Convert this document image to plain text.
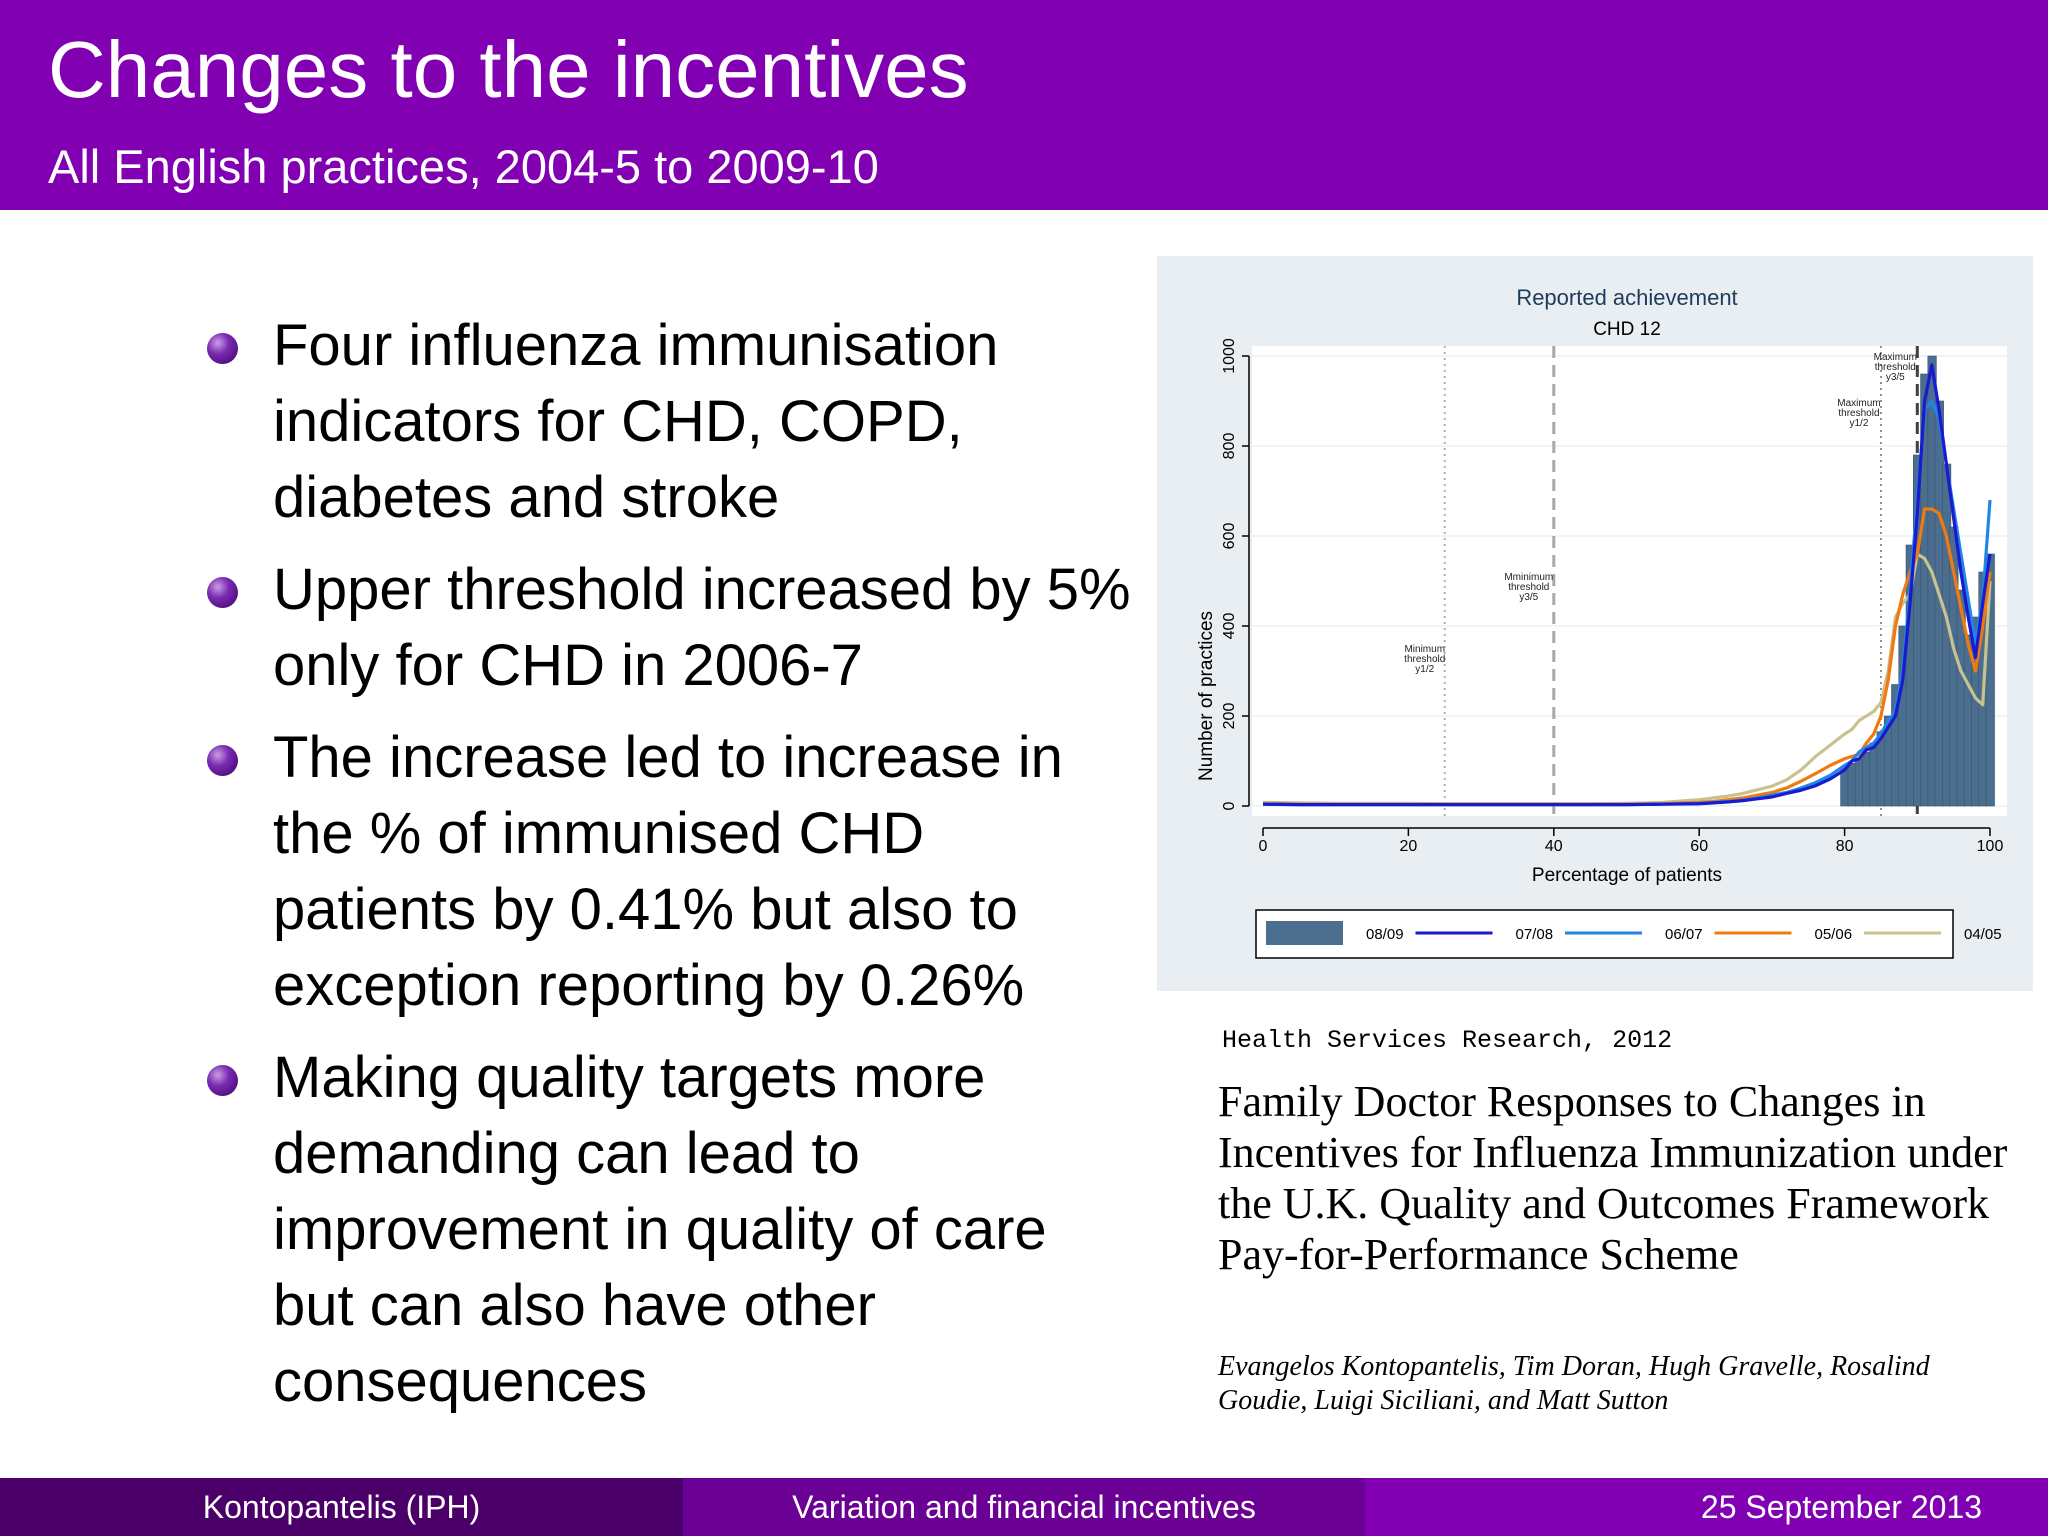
Changes to the incentives
All English practices, 2004-5 to 2009-10
Four influenza immunisation indicators for CHD, COPD, diabetes and stroke
Upper threshold increased by 5% only for CHD in 2006-7
The increase led to increase in the % of immunised CHD patients by 0.41% but also to exception reporting by 0.26%
Making quality targets more demanding can lead to improvement in quality of care but can also have other consequences
Reported achievement
CHD 12
Percentage of patients
Number of practices
0
200
400
600
800
1000
0	20	40	60	80	100
Minimum threshold y1/2
Mminimum threshold y3/5
Maximum threshold y1/2
Maximum threshold y3/5
08/09	07/08	06/07	05/06	04/05
Health Services Research, 2012
Family Doctor Responses to Changes in Incentives for Influenza Immunization under the U.K. Quality and Outcomes Framework Pay-for-Performance Scheme
Evangelos Kontopantelis, Tim Doran, Hugh Gravelle, Rosalind Goudie, Luigi Siciliani, and Matt Sutton
Kontopantelis (IPH)	Variation and financial incentives	25 September 2013
